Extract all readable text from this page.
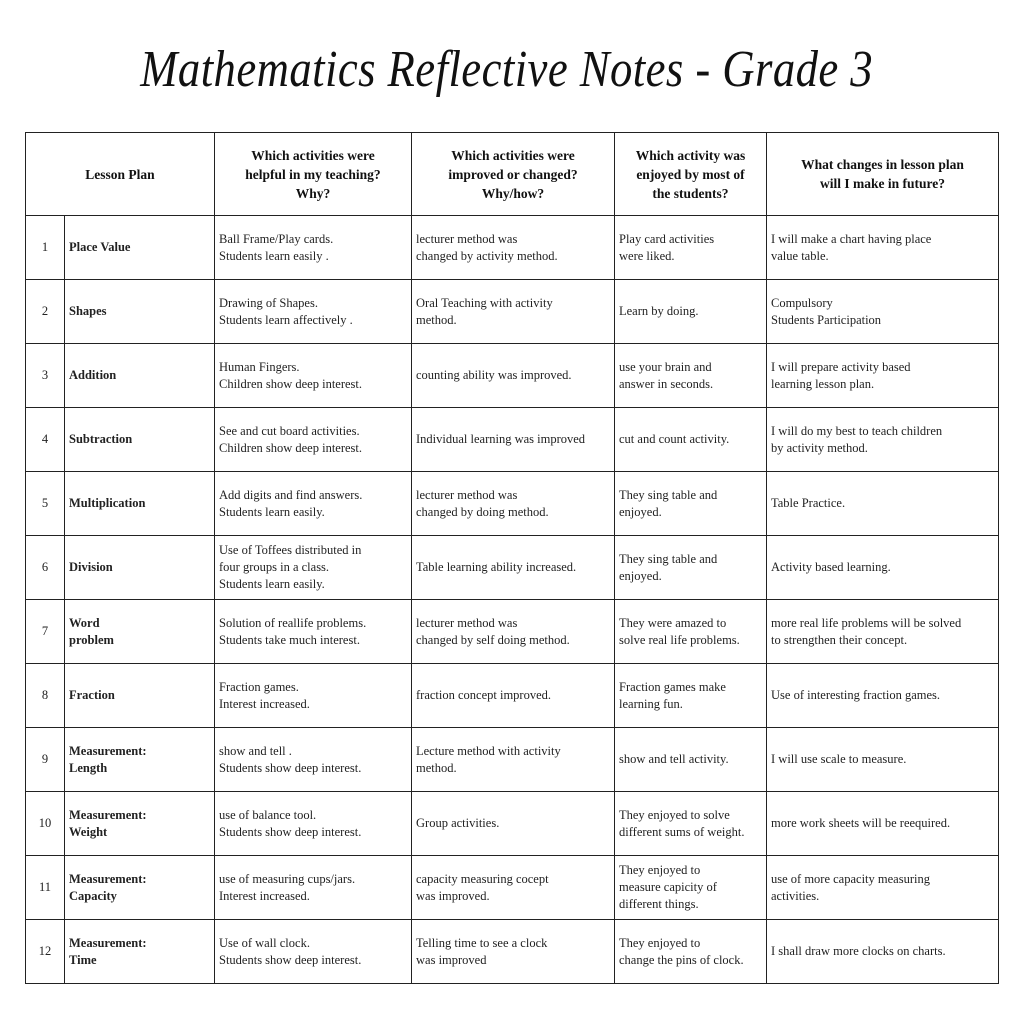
Mathematics Reflective Notes - Grade 3
Lesson Plan		Which activities were
helpful in my teaching?
Why?	Which activities were
improved or changed?
Why/how?	Which activity was
enjoyed by most of
the students?	What changes in lesson plan
will I make in future?

1	Place Value	Ball Frame/Play cards.
Students learn easily .	lecturer method was
changed by activity method.	Play card activities
were liked.	I will make a chart having place
value table.

2	Shapes	Drawing of Shapes.
Students learn affectively .	Oral Teaching with activity
method.	Learn by doing.	Compulsory
Students Participation

3	Addition	Human Fingers.
Children show deep interest.	counting ability was improved.	use your brain and
answer in seconds.	I will prepare activity based
learning lesson plan.

4	Subtraction	See and cut board activities.
Children show deep interest.	Individual learning was improved	cut and count activity.	I will do my best to teach children
by activity method.

5	Multiplication	Add digits and find answers.
Students learn easily.	lecturer method was
changed by doing method.	They sing table and
enjoyed.	Table Practice.

6	Division	Use of Toffees distributed in
four groups in a class.
Students learn easily.	Table learning ability increased.	They sing table and
enjoyed.	Activity based learning.

7	Word
problem	Solution of reallife problems.
Students take much interest.	lecturer method was
changed by self doing method.	They were amazed to
solve real life problems.	more real life problems will be solved
to strengthen their concept.

8	Fraction	Fraction games.
Interest increased.	fraction concept improved.	Fraction games make
learning fun.	Use of interesting fraction games.

9	Measurement:
Length	show and tell .
Students show deep interest.	Lecture method with activity
method.	show and tell activity.	I will use scale to measure.

10	Measurement:
Weight	use of balance tool.
Students show deep interest.	Group activities.	They enjoyed to solve
different sums of weight.	more work sheets will be reequired.

11	Measurement:
Capacity	use of measuring cups/jars.
Interest increased.	capacity measuring cocept
was improved.	They enjoyed to
measure capicity of
different things.	use of more capacity measuring
activities.

12	Measurement:
Time	Use of wall clock.
Students show deep interest.	Telling time to see a clock
was improved	They enjoyed to
change the pins of clock.	I shall draw more clocks on charts.
